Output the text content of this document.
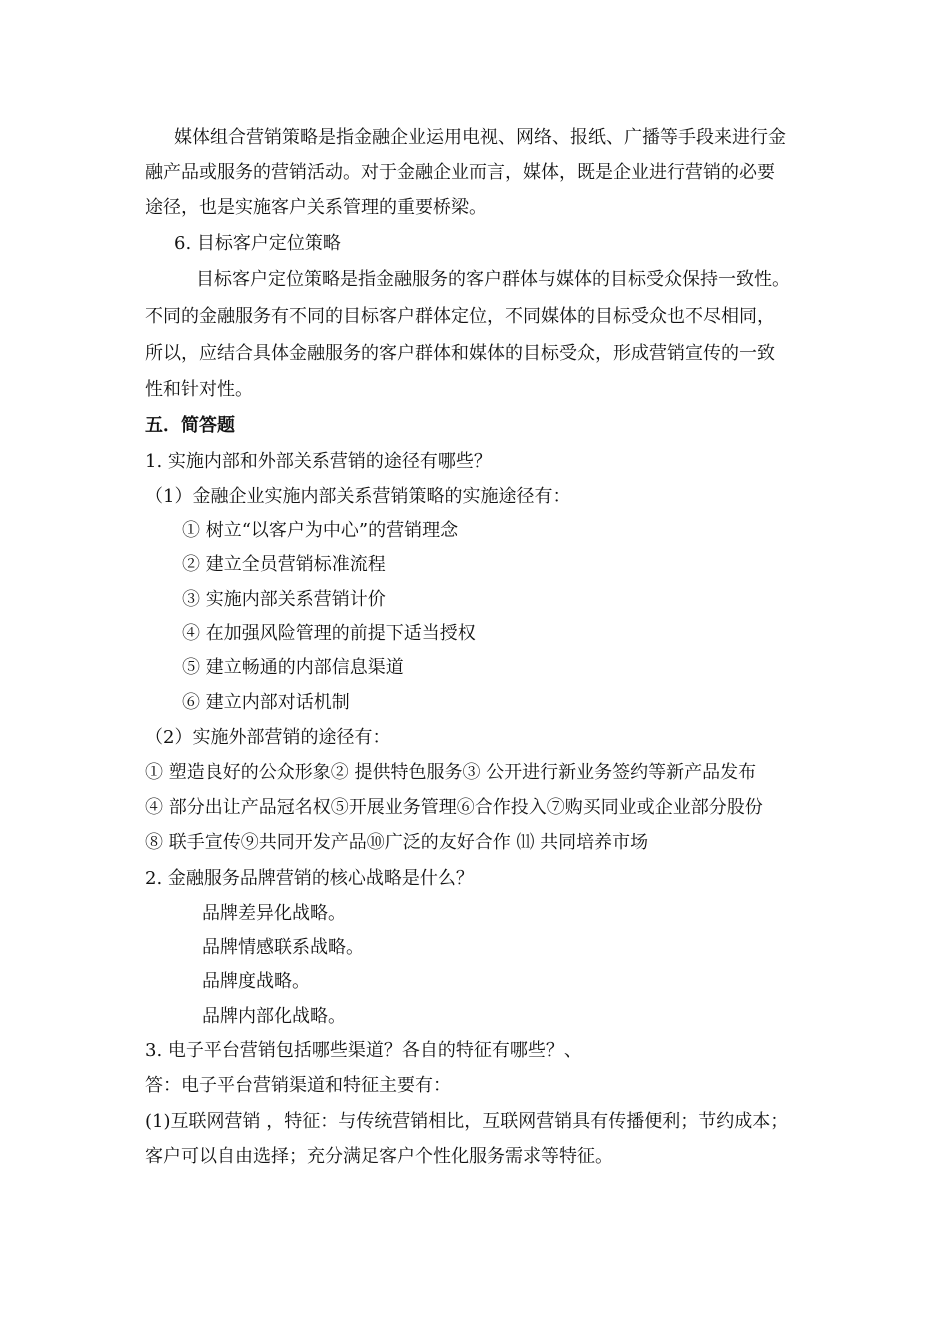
媒体组合营销策略是指金融企业运用电视、网络、报纸、广播等手段来进行金
融产品或服务的营销活动。对于金融企业而言，媒体，既是企业进行营销的必要
途径，也是实施客户关系管理的重要桥梁。
6. 目标客户定位策略
目标客户定位策略是指金融服务的客户群体与媒体的目标受众保持一致性。
不同的金融服务有不同的目标客户群体定位，不同媒体的目标受众也不尽相同，
所以，应结合具体金融服务的客户群体和媒体的目标受众，形成营销宣传的一致
性和针对性。
五．简答题
1. 实施内部和外部关系营销的途径有哪些？
（1）金融企业实施内部关系营销策略的实施途径有：
① 树立“以客户为中心”的营销理念
② 建立全员营销标准流程
③ 实施内部关系营销计价
④ 在加强风险管理的前提下适当授权
⑤ 建立畅通的内部信息渠道
⑥ 建立内部对话机制
（2）实施外部营销的途径有：
① 塑造良好的公众形象② 提供特色服务③ 公开进行新业务签约等新产品发布
④ 部分出让产品冠名权⑤开展业务管理⑥合作投入⑦购买同业或企业部分股份
⑧ 联手宣传⑨共同开发产品⑩广泛的友好合作 ⑾ 共同培养市场
2. 金融服务品牌营销的核心战略是什么？
品牌差异化战略。
品牌情感联系战略。
品牌度战略。
品牌内部化战略。
3. 电子平台营销包括哪些渠道？各自的特征有哪些？、
答：电子平台营销渠道和特征主要有：
(1)互联网营销 ，特征：与传统营销相比，互联网营销具有传播便利；节约成本；
客户可以自由选择；充分满足客户个性化服务需求等特征。
